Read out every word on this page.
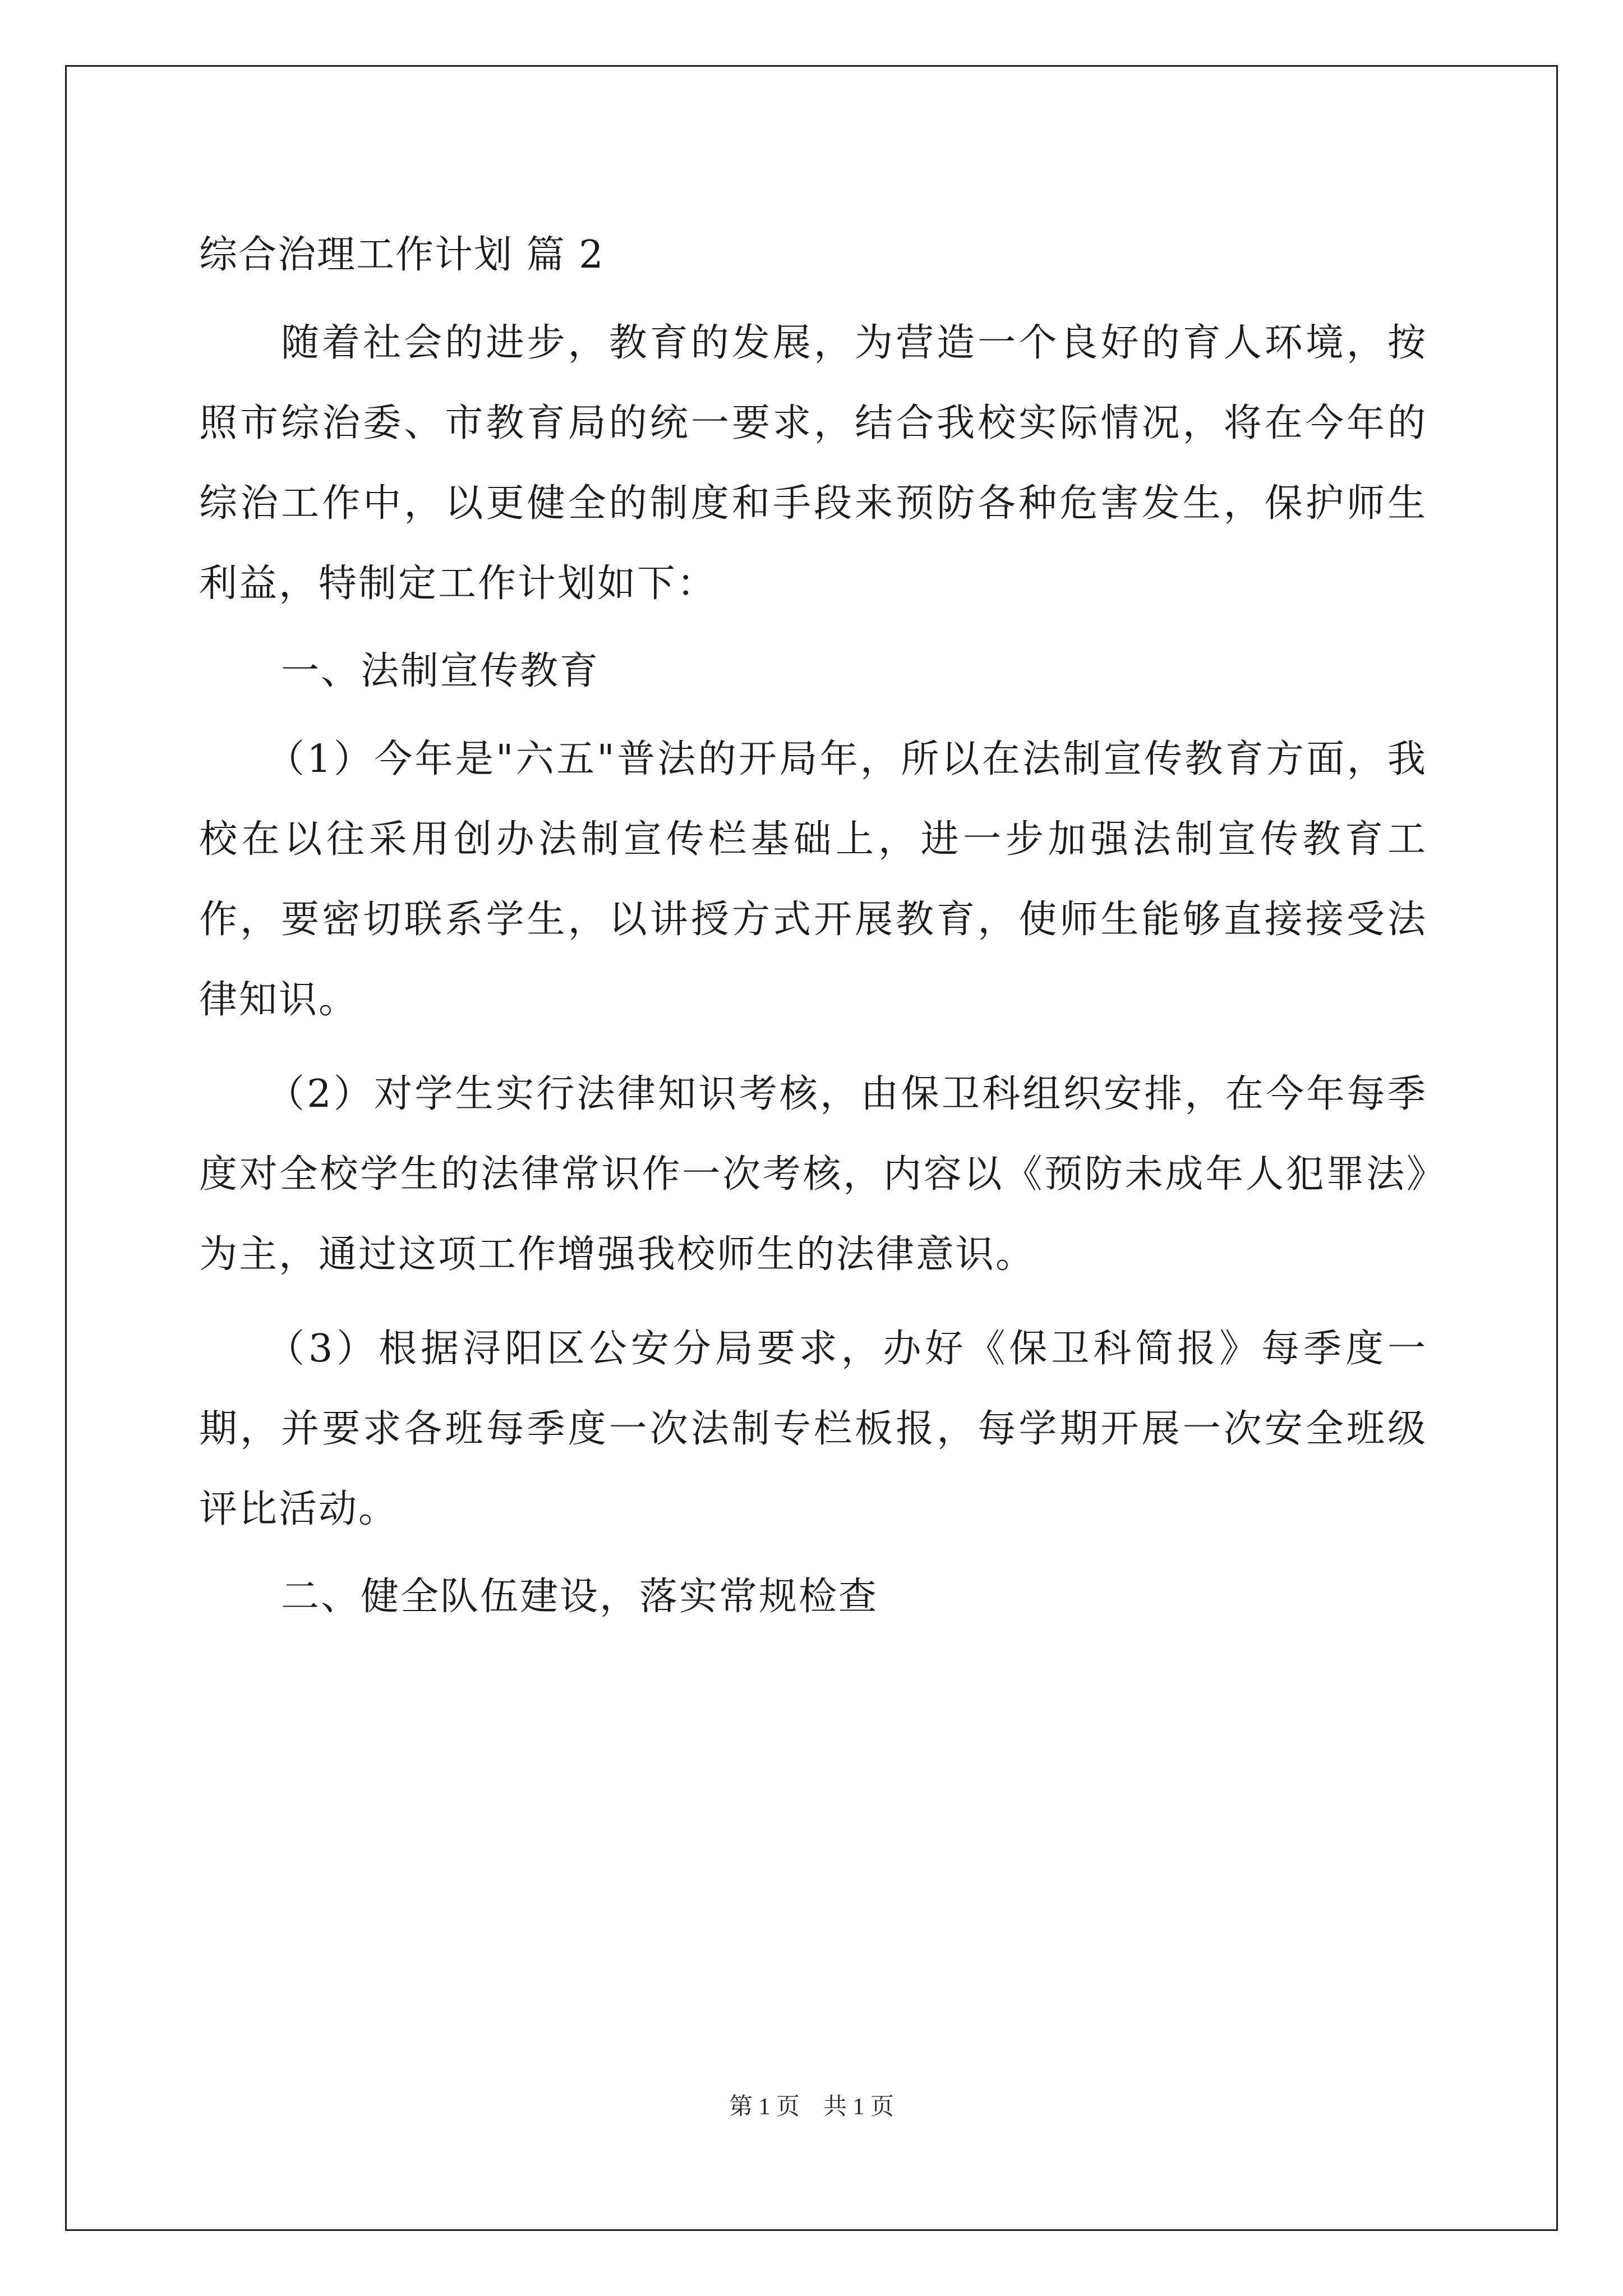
综合治理工作计划 篇 2

随着社会的进步，教育的发展，为营造一个良好的育人环境，按照市综治委、市教育局的统一要求，结合我校实际情况，将在今年的综治工作中，以更健全的制度和手段来预防各种危害发生，保护师生利益，特制定工作计划如下：

一、法制宣传教育

（1）今年是"六五"普法的开局年，所以在法制宣传教育方面，我校在以往采用创办法制宣传栏基础上，进一步加强法制宣传教育工作，要密切联系学生，以讲授方式开展教育，使师生能够直接接受法律知识。

（2）对学生实行法律知识考核，由保卫科组织安排，在今年每季度对全校学生的法律常识作一次考核，内容以《预防未成年人犯罪法》为主，通过这项工作增强我校师生的法律意识。

（3）根据浔阳区公安分局要求，办好《保卫科简报》每季度一期，并要求各班每季度一次法制专栏板报，每学期开展一次安全班级评比活动。

二、健全队伍建设，落实常规检查
第 1 页　共 1 页
